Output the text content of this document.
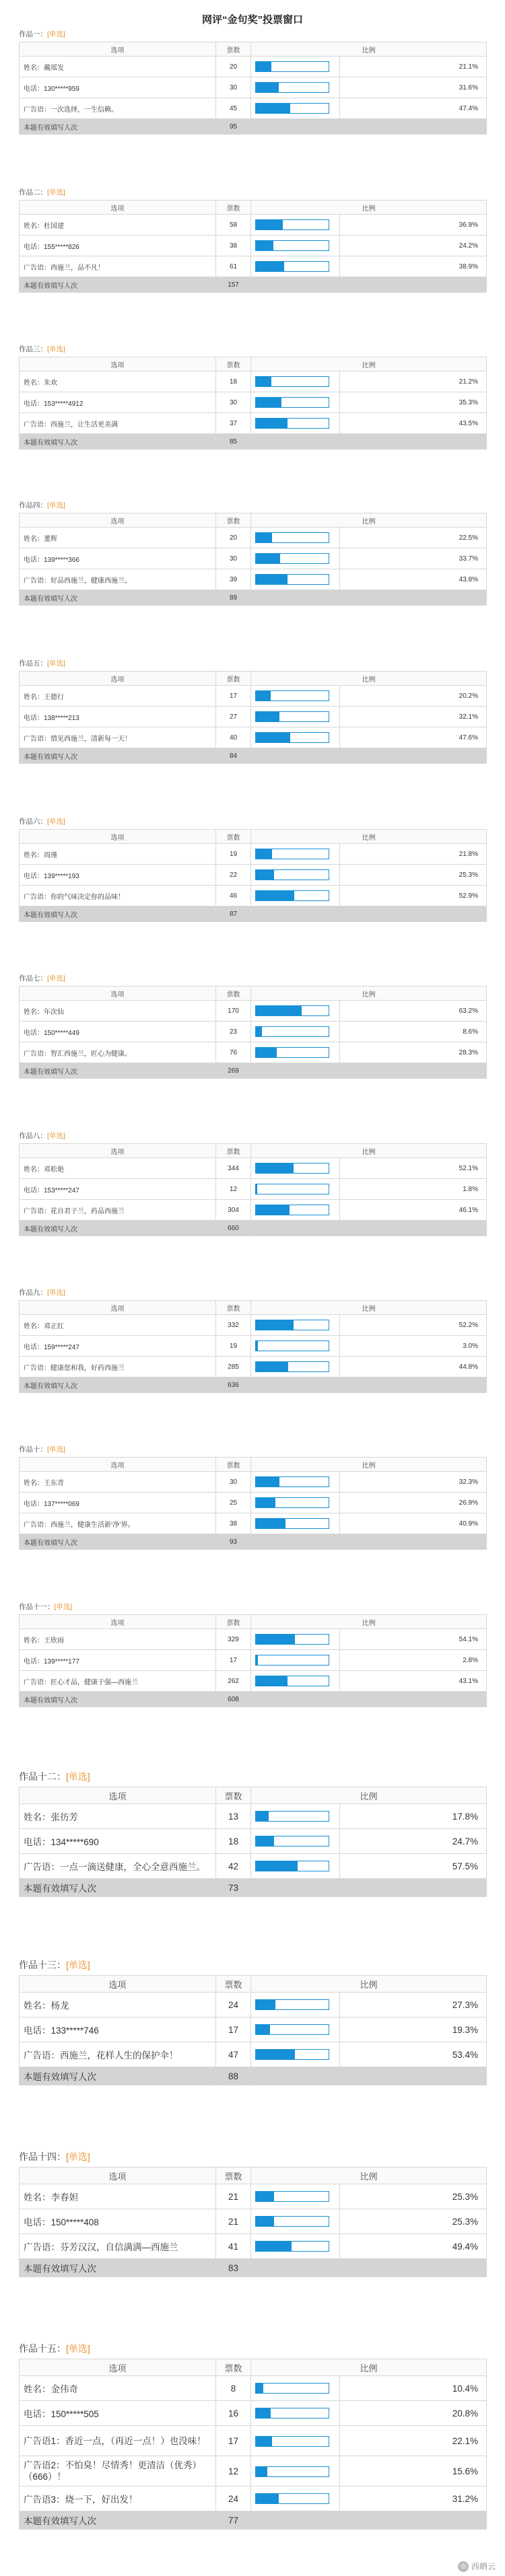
网评“金句奖”投票窗口
作品一：[单选]
选项	票数	比例	
姓名：戴瑶发	20		21.1%
电话：130*****959	30		31.6%
广告语：一次选择，一生信赖。	45		47.4%
本题有效填写人次	95		
作品二：[单选]
选项	票数	比例	
姓名：杜国建	58		36.9%
电话：155*****826	38		24.2%
广告语：西施兰，品不凡！	61		38.9%
本题有效填写人次	157		
作品三：[单选]
选项	票数	比例	
姓名：朱欢	18		21.2%
电话：153*****4912	30		35.3%
广告语：西施兰，让生活更美满	37		43.5%
本题有效填写人次	85		
作品四：[单选]
选项	票数	比例	
姓名：董辉	20		22.5%
电话：139*****366	30		33.7%
广告语：好品西施兰，健康西施兰。	39		43.8%
本题有效填写人次	89		
作品五：[单选]
选项	票数	比例	
姓名：王德行	17		20.2%
电话：138*****213	27		32.1%
广告语：情见西施兰，清新每一天！	40		47.6%
本题有效填写人次	84		
作品六：[单选]
选项	票数	比例	
姓名：周瑾	19		21.8%
电话：139*****193	22		25.3%
广告语：你的气味决定你的品味！	46		52.9%
本题有效填写人次	87		
作品七：[单选]
选项	票数	比例	
姓名：年次仙	170		63.2%
电话：150*****449	23		8.6%
广告语：智汇西施兰，匠心为健康。	76		28.3%
本题有效填写人次	269		
作品八：[单选]
选项	票数	比例	
姓名：邓松艳	344		52.1%
电话：153*****247	12		1.8%
广告语：花自君子兰，药品西施兰	304		46.1%
本题有效填写人次	660		
作品九：[单选]
选项	票数	比例	
姓名：邓正红	332		52.2%
电话：159*****247	19		3.0%
广告语：健康您和我，好药西施兰	285		44.8%
本题有效填写人次	636		
作品十：[单选]
选项	票数	比例	
姓名：王东青	30		32.3%
电话：137*****069	25		26.9%
广告语：西施兰，健康生活新‘净’界。	38		40.9%
本题有效填写人次	93		
作品十一：[单选]
选项	票数	比例	
姓名：王欣雨	329		54.1%
电话：139*****177	17		2.8%
广告语：匠心才品，健康于强—西施兰	262		43.1%
本题有效填写人次	608		
作品十二：[单选]
选项	票数	比例	
姓名：张彷芳	13		17.8%
电话：134*****690	18		24.7%
广告语：一点一滴送健康，全心全意西施兰。	42		57.5%
本题有效填写人次	73		
作品十三：[单选]
选项	票数	比例	
姓名：杨龙	24		27.3%
电话：133*****746	17		19.3%
广告语：西施兰，花样人生的保护伞！	47		53.4%
本题有效填写人次	88		
作品十四：[单选]
选项	票数	比例	
姓名：李春妲	21		25.3%
电话：150*****408	21		25.3%
广告语：芬芳汉汉，自信满满—西施兰	41		49.4%
本题有效填写人次	83		
作品十五：[单选]
选项	票数	比例	
姓名：金伟奇	8		10.4%
电话：150*****505	16		20.8%
广告语1：香近一点，（再近一点！）也没味！	17		22.1%
广告语2：不怕臭！尽情秀！更清洁（优秀）（666）！	12		15.6%
广告语3：烧一下，好出发！	24		31.2%
本题有效填写人次	77		
◎ 西晒云
